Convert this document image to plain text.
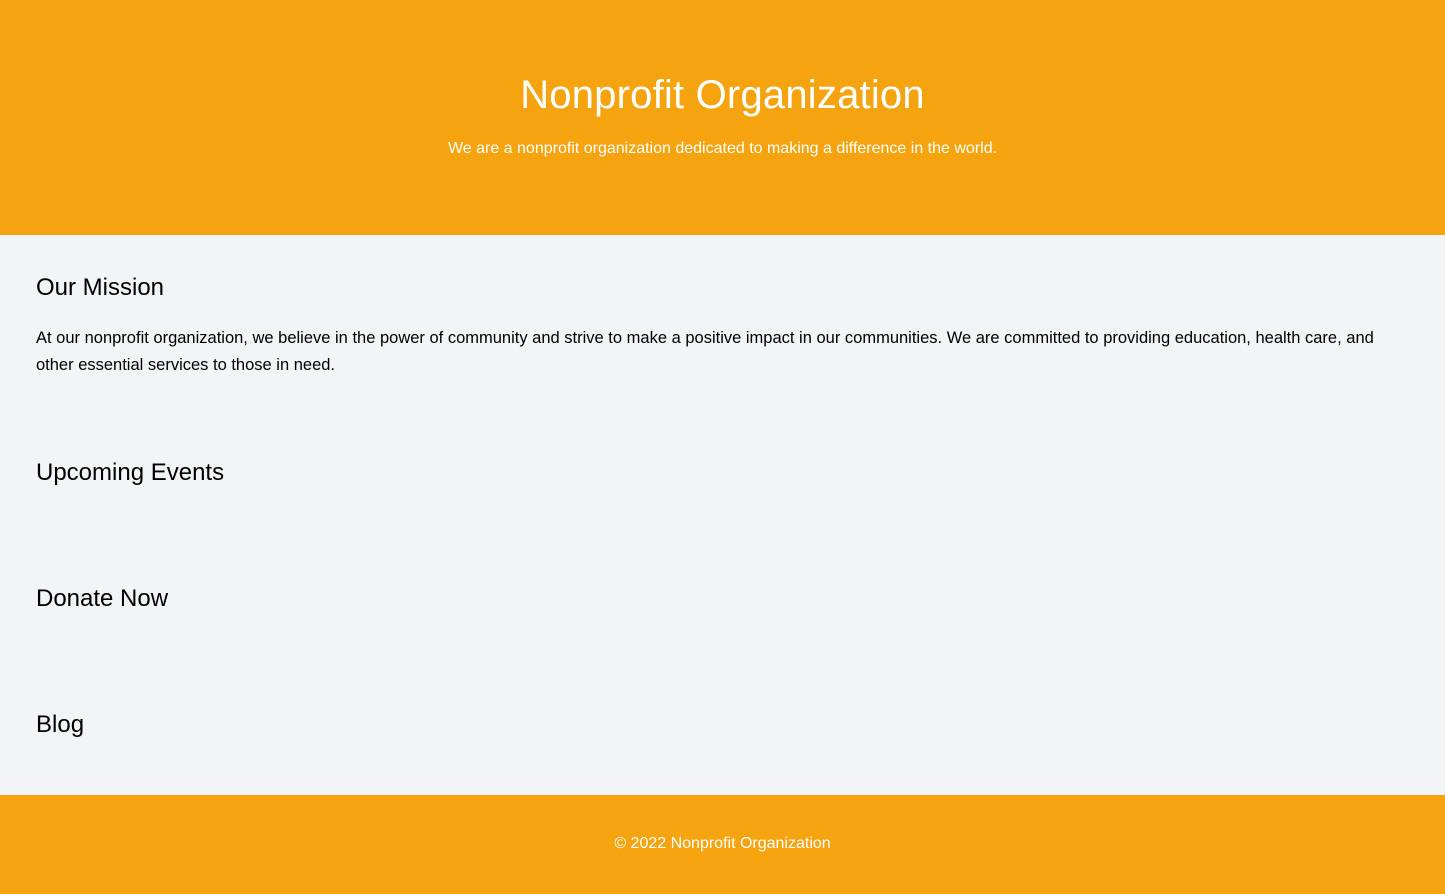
Nonprofit Organization

We are a nonprofit organization dedicated to making a difference in the world.

Our Mission

At our nonprofit organization, we believe in the power of community and strive to make a positive impact in our communities. We are committed to providing education, health care, and other essential services to those in need.

Upcoming Events
Donate Now
Blog

© 2022 Nonprofit Organization
